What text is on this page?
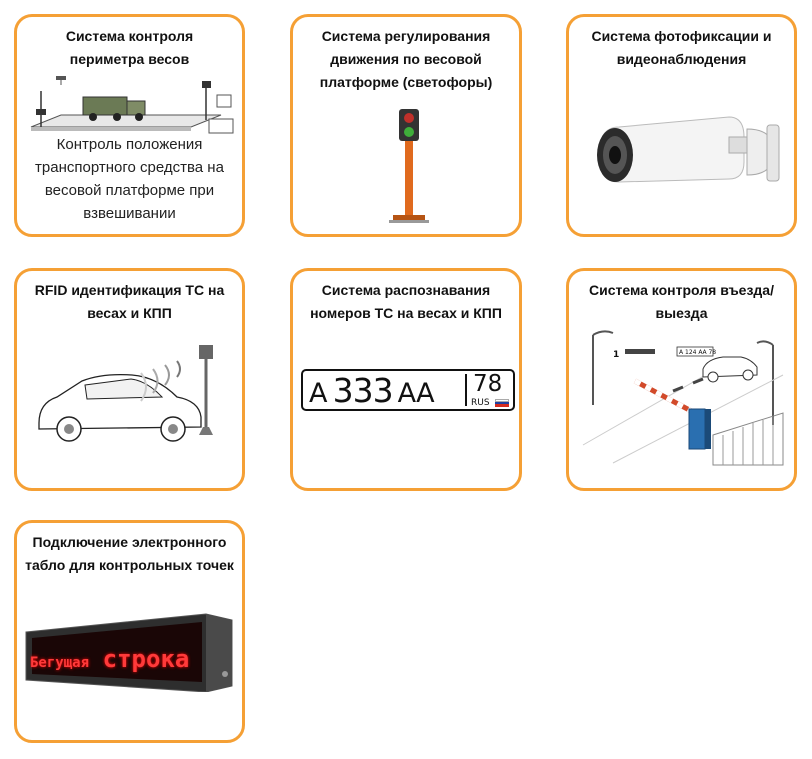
Система контроля периметра весов
Контроль положения транспортного средства на весовой платформе при взвешивании
Система регулирования движения по весовой платформе (светофоры)
Система фотофиксации и видеонаблюдения
RFID идентификация ТС на весах и КПП
Система распознавания номеров ТС на весах и КПП
А 333 АА	78
RUS
Система контроля въезда/выезда
1	А 124 АА 78
Подключение электронного табло для контрольных точек
Бегущая строка
